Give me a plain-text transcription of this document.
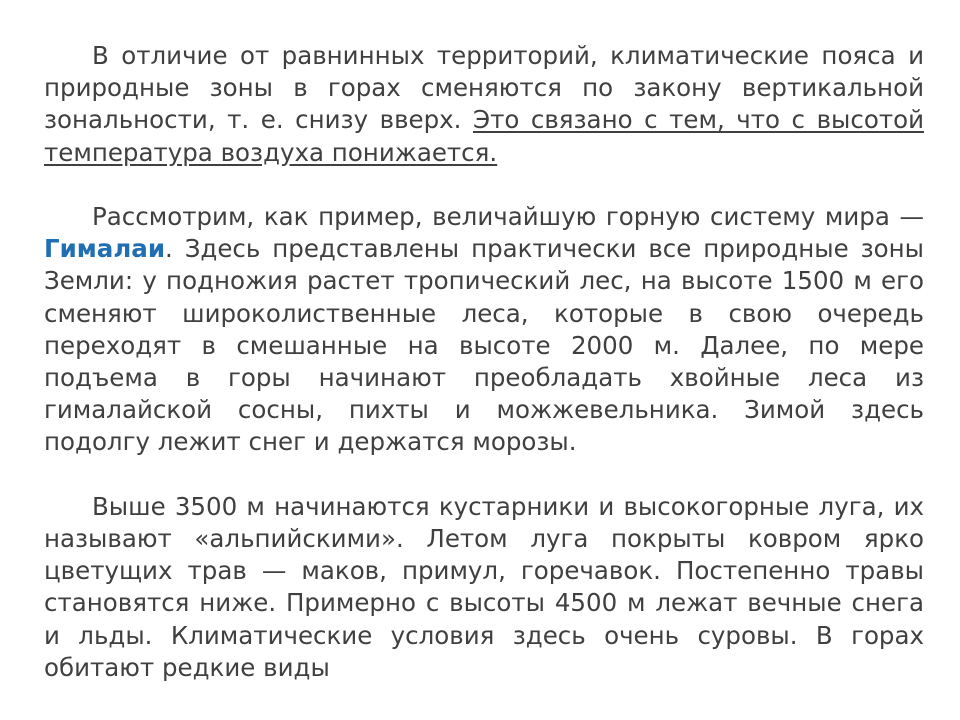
В отличие от равнинных территорий, климатические пояса и природные зоны в горах сменяются по закону вертикальной зональности, т. е. снизу вверх. Это связано с тем, что с высотой температура воздуха понижается.

Рассмотрим, как пример, величайшую горную систему мира — Гималаи. Здесь представлены практически все природные зоны Земли: у подножия растет тропический лес, на высоте 1500 м его сменяют широколиственные леса, которые в свою очередь переходят в смешанные на высоте 2000 м. Далее, по мере подъема в горы начинают преобладать хвойные леса из гималайской сосны, пихты и можжевельника. Зимой здесь подолгу лежит снег и держатся морозы.

Выше 3500 м начинаются кустарники и высокогорные луга, их называют «альпийскими». Летом луга покрыты ковром ярко цветущих трав — маков, примул, горечавок. Постепенно травы становятся ниже. Примерно с высоты 4500 м лежат вечные снега и льды. Климатические условия здесь очень суровы. В горах обитают редкие виды
